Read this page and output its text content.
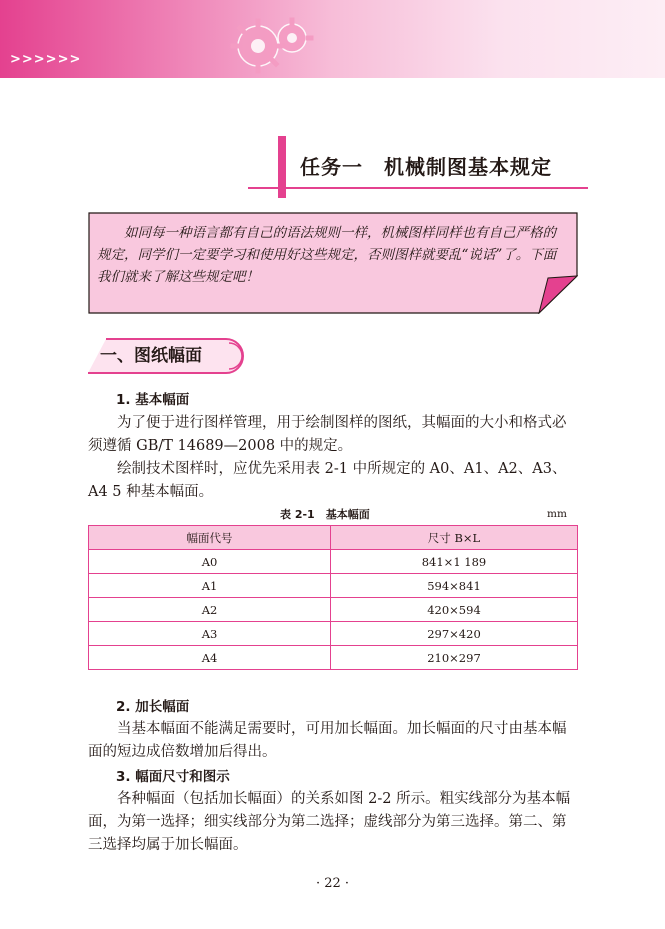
>>>>>>
任务一　机械制图基本规定
如同每一种语言都有自己的语法规则一样，机械图样同样也有自己严格的规定，同学们一定要学习和使用好这些规定，否则图样就要乱“说话”了。下面我们就来了解这些规定吧！
一、图纸幅面
1. 基本幅面
为了便于进行图样管理，用于绘制图样的图纸，其幅面的大小和格式必须遵循 GB/T 14689—2008 中的规定。
绘制技术图样时，应优先采用表 2-1 中所规定的 A0、A1、A2、A3、A4 5 种基本幅面。
表 2-1　基本幅面	mm
幅面代号	尺寸 B×L
A0	841×1 189
A1	594×841
A2	420×594
A3	297×420
A4	210×297
2. 加长幅面
当基本幅面不能满足需要时，可用加长幅面。加长幅面的尺寸由基本幅面的短边成倍数增加后得出。
3. 幅面尺寸和图示
各种幅面（包括加长幅面）的关系如图 2-2 所示。粗实线部分为基本幅面，为第一选择；细实线部分为第二选择；虚线部分为第三选择。第二、第三选择均属于加长幅面。
· 22 ·
